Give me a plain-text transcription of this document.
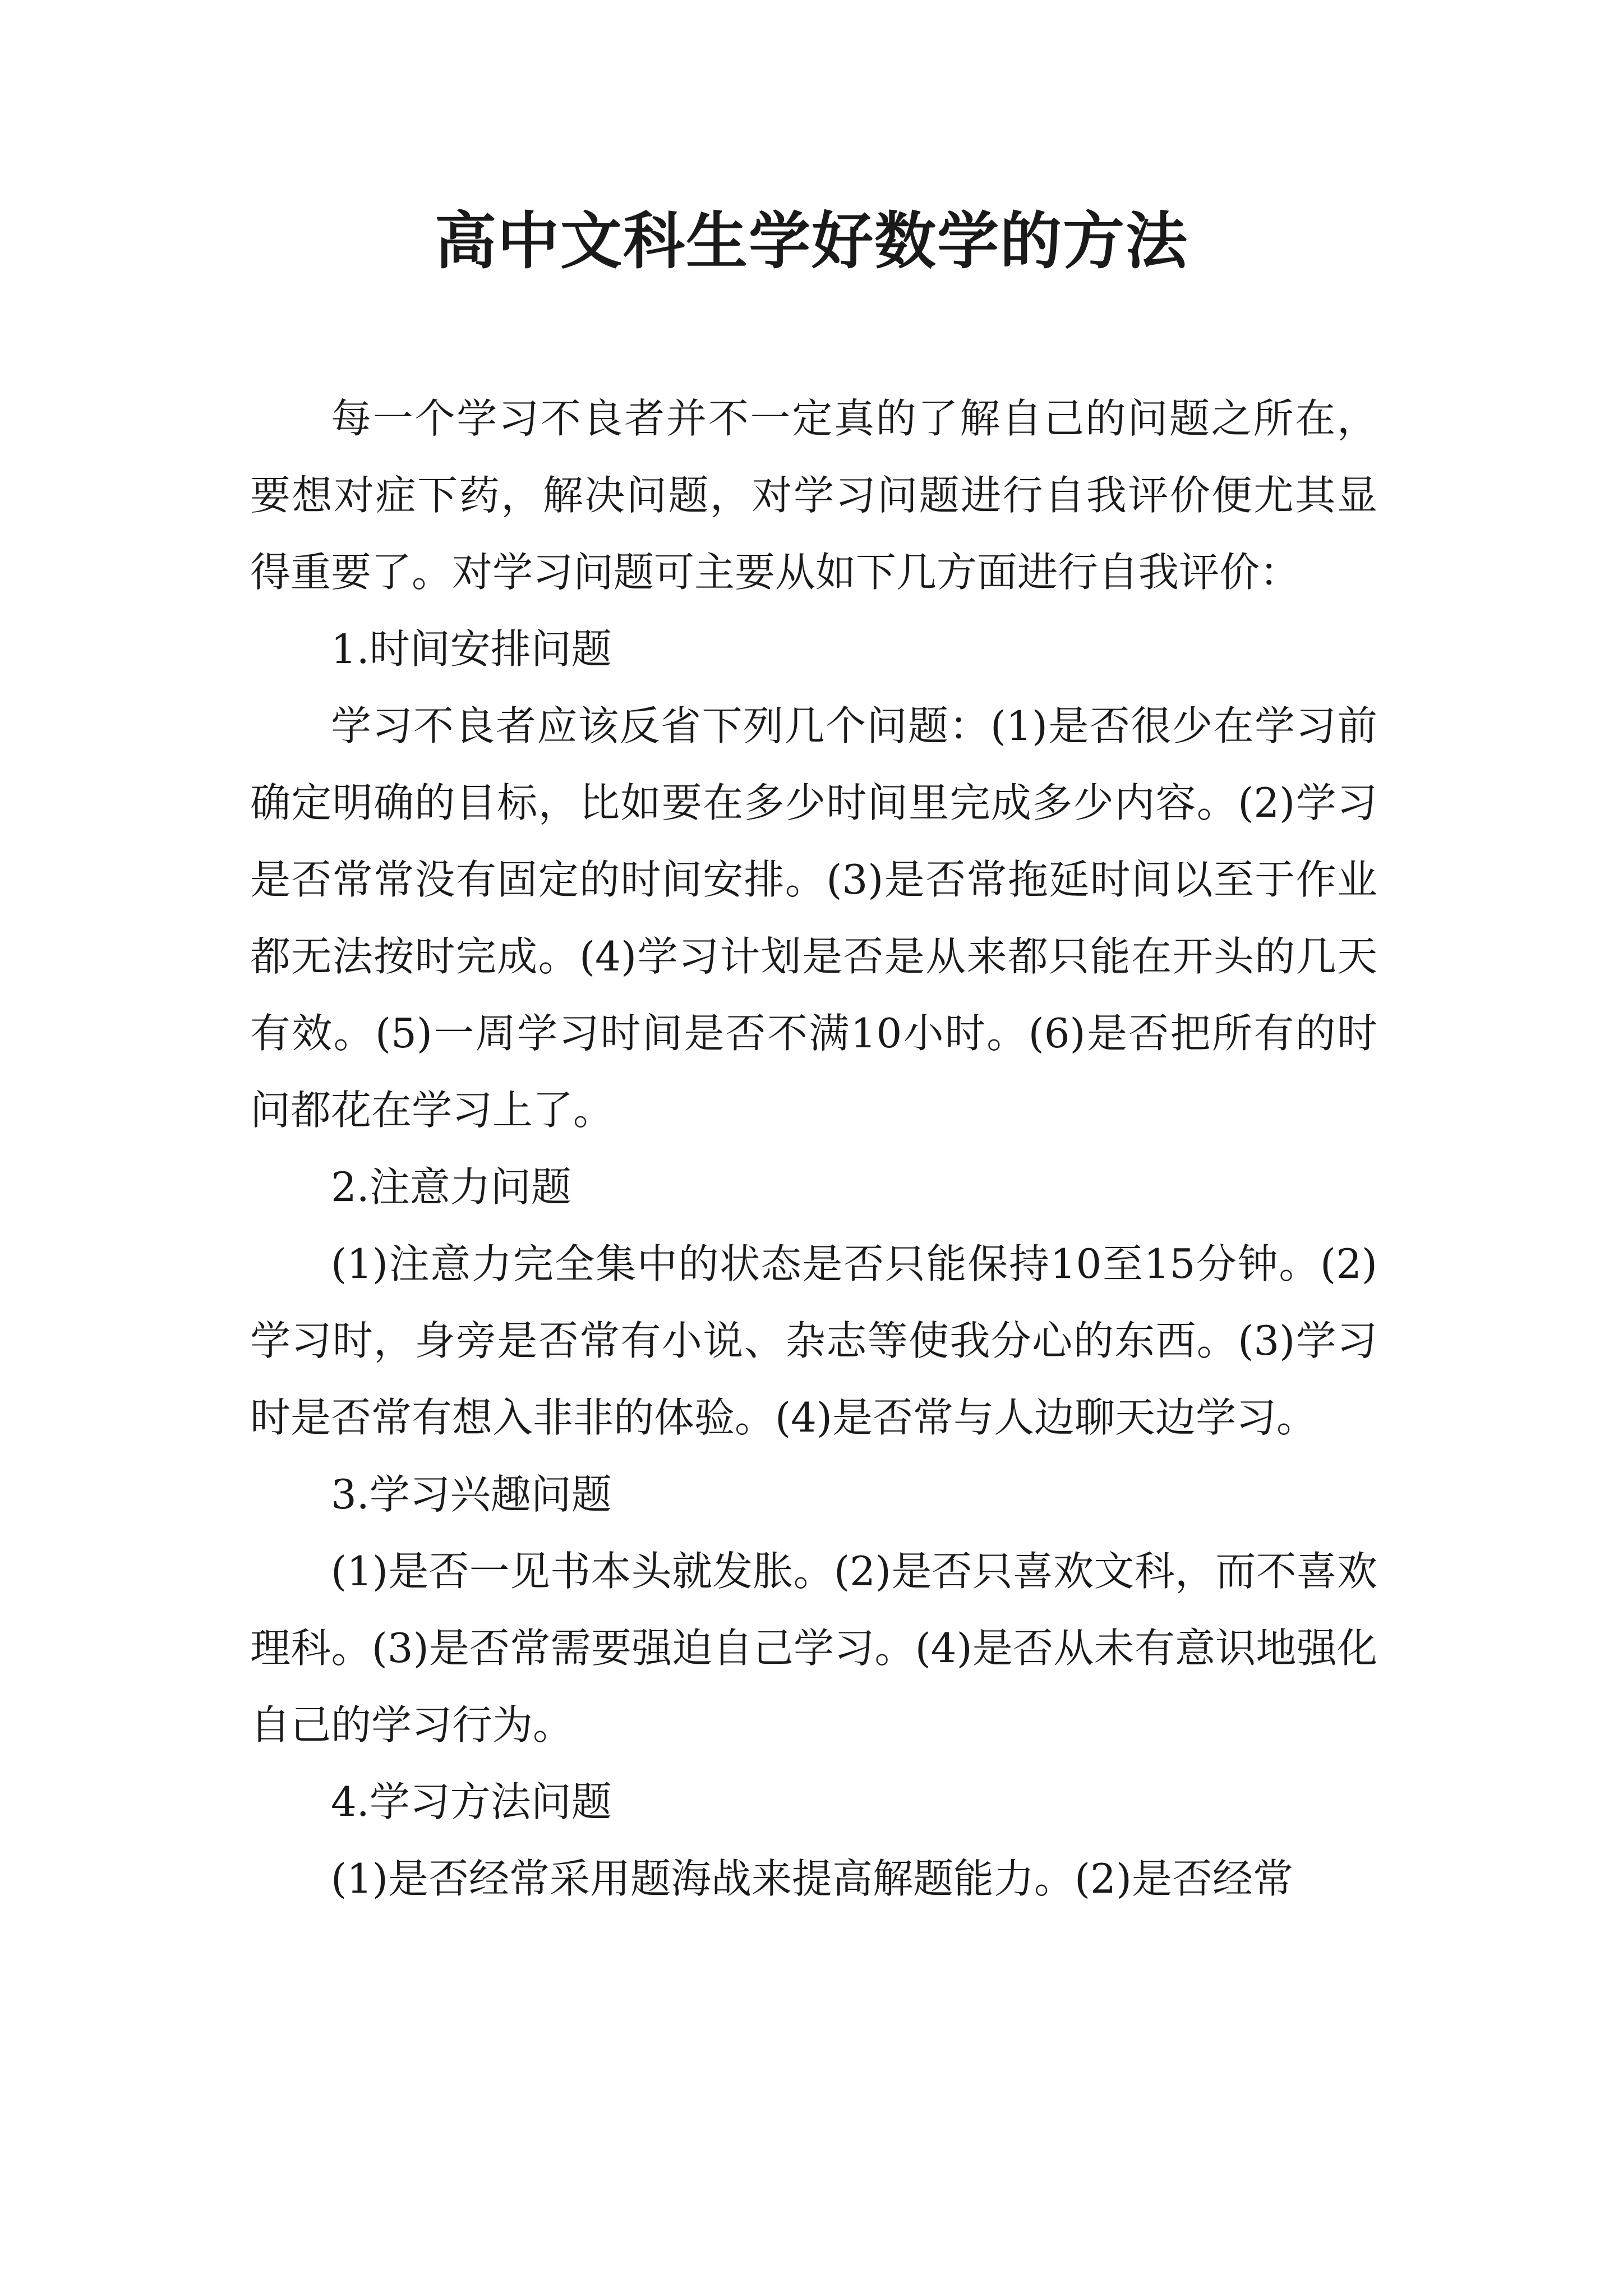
高中文科生学好数学的方法

每一个学习不良者并不一定真的了解自己的问题之所在，要想对症下药，解决问题，对学习问题进行自我评价便尤其显得重要了。对学习问题可主要从如下几方面进行自我评价：

1.时间安排问题

学习不良者应该反省下列几个问题：(1)是否很少在学习前确定明确的目标，比如要在多少时间里完成多少内容。(2)学习是否常常没有固定的时间安排。(3)是否常拖延时间以至于作业都无法按时完成。(4)学习计划是否是从来都只能在开头的几天有效。(5)一周学习时间是否不满10小时。(6)是否把所有的时问都花在学习上了。

2.注意力问题

(1)注意力完全集中的状态是否只能保持10至15分钟。(2)学习时，身旁是否常有小说、杂志等使我分心的东西。(3)学习时是否常有想入非非的体验。(4)是否常与人边聊天边学习。

3.学习兴趣问题

(1)是否一见书本头就发胀。(2)是否只喜欢文科，而不喜欢理科。(3)是否常需要强迫自己学习。(4)是否从未有意识地强化自己的学习行为。

4.学习方法问题

(1)是否经常采用题海战来提高解题能力。(2)是否经常
